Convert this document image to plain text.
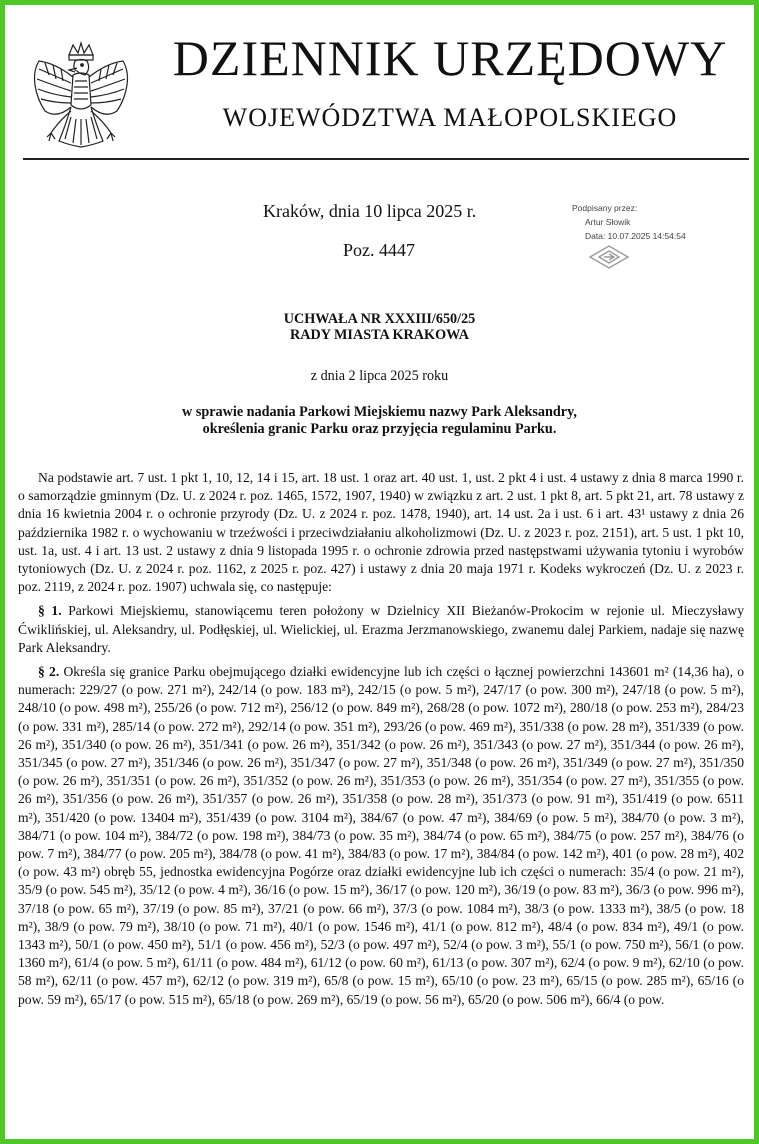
DZIENNIK URZĘDOWY
WOJEWÓDZTWA MAŁOPOLSKIEGO
Kraków, dnia 10 lipca 2025 r.
Poz. 4447
Podpisany przez:
Artur Słowik
Data: 10.07.2025 14:54:54
UCHWAŁA NR XXXIII/650/25
RADY MIASTA KRAKOWA
z dnia 2 lipca 2025 roku
w sprawie nadania Parkowi Miejskiemu nazwy Park Aleksandry,
określenia granic Parku oraz przyjęcia regulaminu Parku.

Na podstawie art. 7 ust. 1 pkt 1, 10, 12, 14 i 15, art. 18 ust. 1 oraz art. 40 ust. 1, ust. 2 pkt 4 i ust. 4 ustawy z dnia 8 marca 1990 r. o samorządzie gminnym (Dz. U. z 2024 r. poz. 1465, 1572, 1907, 1940) w związku z art. 2 ust. 1 pkt 8, art. 5 pkt 21, art. 78 ustawy z dnia 16 kwietnia 2004 r. o ochronie przyrody (Dz. U. z 2024 r. poz. 1478, 1940), art. 14 ust. 2a i ust. 6 i art. 43¹ ustawy z dnia 26 października 1982 r. o wychowaniu w trzeźwości i przeciwdziałaniu alkoholizmowi (Dz. U. z 2023 r. poz. 2151), art. 5 ust. 1 pkt 10, ust. 1a, ust. 4 i art. 13 ust. 2 ustawy z dnia 9 listopada 1995 r. o ochronie zdrowia przed następstwami używania tytoniu i wyrobów tytoniowych (Dz. U. z 2024 r. poz. 1162, z 2025 r. poz. 427) i ustawy z dnia 20 maja 1971 r. Kodeks wykroczeń (Dz. U. z 2023 r. poz. 2119, z 2024 r. poz. 1907) uchwala się, co następuje:

§ 1. Parkowi Miejskiemu, stanowiącemu teren położony w Dzielnicy XII Bieżanów-Prokocim w rejonie ul. Mieczysławy Ćwiklińskiej, ul. Aleksandry, ul. Podłęskiej, ul. Wielickiej, ul. Erazma Jerzmanowskiego, zwanemu dalej Parkiem, nadaje się nazwę Park Aleksandry.

§ 2. Określa się granice Parku obejmującego działki ewidencyjne lub ich części o łącznej powierzchni 143601 m² (14,36 ha), o numerach: 229/27 (o pow. 271 m²), 242/14 (o pow. 183 m²), 242/15 (o pow. 5 m²), 247/17 (o pow. 300 m²), 247/18 (o pow. 5 m²), 248/10 (o pow. 498 m²), 255/26 (o pow. 712 m²), 256/12 (o pow. 849 m²), 268/28 (o pow. 1072 m²), 280/18 (o pow. 253 m²), 284/23 (o pow. 331 m²), 285/14 (o pow. 272 m²), 292/14 (o pow. 351 m²), 293/26 (o pow. 469 m²), 351/338 (o pow. 28 m²), 351/339 (o pow. 26 m²), 351/340 (o pow. 26 m²), 351/341 (o pow. 26 m²), 351/342 (o pow. 26 m²), 351/343 (o pow. 27 m²), 351/344 (o pow. 26 m²), 351/345 (o pow. 27 m²), 351/346 (o pow. 26 m²), 351/347 (o pow. 27 m²), 351/348 (o pow. 26 m²), 351/349 (o pow. 27 m²), 351/350 (o pow. 26 m²), 351/351 (o pow. 26 m²), 351/352 (o pow. 26 m²), 351/353 (o pow. 26 m²), 351/354 (o pow. 27 m²), 351/355 (o pow. 26 m²), 351/356 (o pow. 26 m²), 351/357 (o pow. 26 m²), 351/358 (o pow. 28 m²), 351/373 (o pow. 91 m²), 351/419 (o pow. 6511 m²), 351/420 (o pow. 13404 m²), 351/439 (o pow. 3104 m²), 384/67 (o pow. 47 m²), 384/69 (o pow. 5 m²), 384/70 (o pow. 3 m²), 384/71 (o pow. 104 m²), 384/72 (o pow. 198 m²), 384/73 (o pow. 35 m²), 384/74 (o pow. 65 m²), 384/75 (o pow. 257 m²), 384/76 (o pow. 7 m²), 384/77 (o pow. 205 m²), 384/78 (o pow. 41 m²), 384/83 (o pow. 17 m²), 384/84 (o pow. 142 m²), 401 (o pow. 28 m²), 402 (o pow. 43 m²) obręb 55, jednostka ewidencyjna Pogórze oraz działki ewidencyjne lub ich części o numerach: 35/4 (o pow. 21 m²), 35/9 (o pow. 545 m²), 35/12 (o pow. 4 m²), 36/16 (o pow. 15 m²), 36/17 (o pow. 120 m²), 36/19 (o pow. 83 m²), 36/3 (o pow. 996 m²), 37/18 (o pow. 65 m²), 37/19 (o pow. 85 m²), 37/21 (o pow. 66 m²), 37/3 (o pow. 1084 m²), 38/3 (o pow. 1333 m²), 38/5 (o pow. 18 m²), 38/9 (o pow. 79 m²), 38/10 (o pow. 71 m²), 40/1 (o pow. 1546 m²), 41/1 (o pow. 812 m²), 48/4 (o pow. 834 m²), 49/1 (o pow. 1343 m²), 50/1 (o pow. 450 m²), 51/1 (o pow. 456 m²), 52/3 (o pow. 497 m²), 52/4 (o pow. 3 m²), 55/1 (o pow. 750 m²), 56/1 (o pow. 1360 m²), 61/4 (o pow. 5 m²), 61/11 (o pow. 484 m²), 61/12 (o pow. 60 m²), 61/13 (o pow. 307 m²), 62/4 (o pow. 9 m²), 62/10 (o pow. 58 m²), 62/11 (o pow. 457 m²), 62/12 (o pow. 319 m²), 65/8 (o pow. 15 m²), 65/10 (o pow. 23 m²), 65/15 (o pow. 285 m²), 65/16 (o pow. 59 m²), 65/17 (o pow. 515 m²), 65/18 (o pow. 269 m²), 65/19 (o pow. 56 m²), 65/20 (o pow. 506 m²), 66/4 (o pow.
